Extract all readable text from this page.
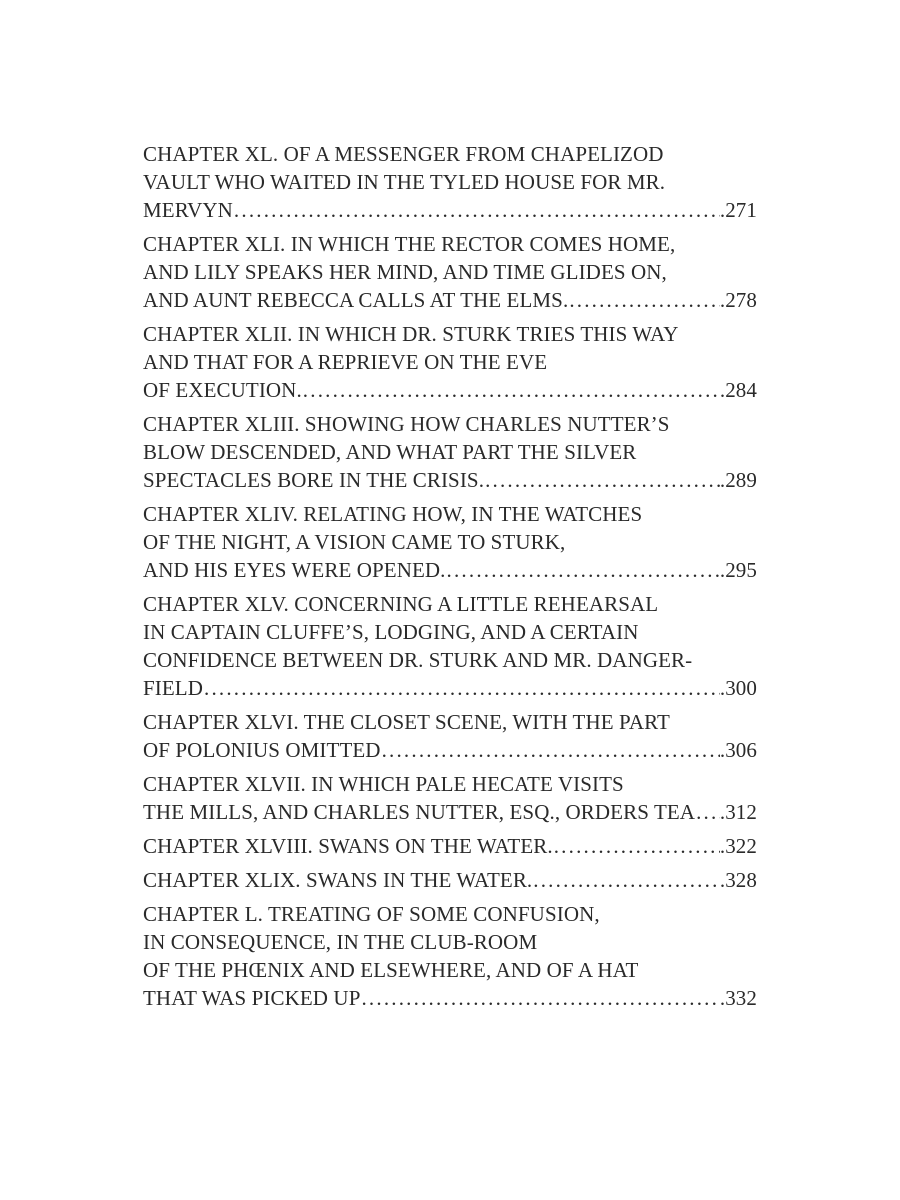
CHAPTER XL. OF A MESSENGER FROM CHAPELIZOD
VAULT WHO WAITED IN THE TYLED HOUSE FOR MR.
MERVYN .....	.271
CHAPTER XLI. IN WHICH THE RECTOR COMES HOME,
AND LILY SPEAKS HER MIND, AND TIME GLIDES ON,
AND AUNT REBECCA CALLS AT THE ELMS. .....	.278
CHAPTER XLII. IN WHICH DR. STURK TRIES THIS WAY
AND THAT FOR A REPRIEVE ON THE EVE
OF EXECUTION. .....	.284
CHAPTER XLIII. SHOWING HOW CHARLES NUTTER’S
BLOW DESCENDED, AND WHAT PART THE SILVER
SPECTACLES BORE IN THE CRISIS. .....	.289
CHAPTER XLIV. RELATING HOW, IN THE WATCHES
OF THE NIGHT, A VISION CAME TO STURK,
AND HIS EYES WERE OPENED. .....	.295
CHAPTER XLV. CONCERNING A LITTLE REHEARSAL
IN CAPTAIN CLUFFE’S, LODGING, AND A CERTAIN
CONFIDENCE BETWEEN DR. STURK AND MR. DANGER-
FIELD .....	.300
CHAPTER XLVI. THE CLOSET SCENE, WITH THE PART
OF POLONIUS OMITTED .....	.306
CHAPTER XLVII. IN WHICH PALE HECATE VISITS
THE MILLS, AND CHARLES NUTTER, ESQ., ORDERS TEA ..... .312
CHAPTER XLVIII. SWANS ON THE WATER. .....	.322
CHAPTER XLIX. SWANS IN THE WATER. .....	.328
CHAPTER L. TREATING OF SOME CONFUSION,
IN CONSEQUENCE, IN THE CLUB-ROOM
OF THE PHŒNIX AND ELSEWHERE, AND OF A HAT
THAT WAS PICKED UP .....	.332
